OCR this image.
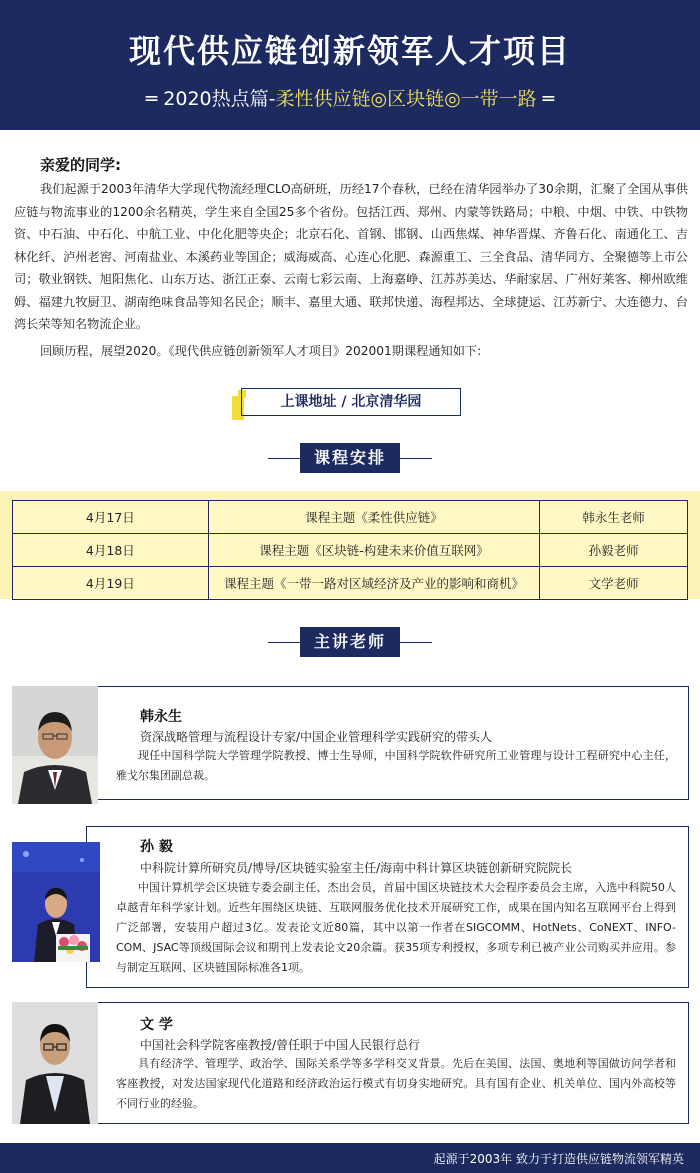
现代供应链创新领军人才项目
═ 2020热点篇-柔性供应链◎区块链◎一带一路 ═
亲爱的同学:
我们起源于2003年清华大学现代物流经理CLO高研班，历经17个春秋，已经在清华园举办了30余期，汇聚了全国从事供应链与物流事业的1200余名精英，学生来自全国25多个省份。包括江西、郑州、内蒙等铁路局；中粮、中烟、中铁、中铁物资、中石油、中石化、中航工业、中化化肥等央企；北京石化、首钢、邯钢、山西焦煤、神华晋煤、齐鲁石化、南通化工、吉林化纤、泸州老窖、河南盐业、本溪药业等国企；威海威高、心连心化肥、森源重工、三全食品、清华同方、全聚德等上市公司；敬业钢铁、旭阳焦化、山东万达、浙江正泰、云南七彩云南、上海嘉峥、江苏苏美达、华耐家居、广州好莱客、柳州欧维姆、福建九牧厨卫、湖南绝味食品等知名民企；顺丰、嘉里大通、联邦快递、海程邦达、全球捷运、江苏新宁、大连德力、台湾长荣等知名物流企业。
回顾历程，展望2020。《现代供应链创新领军人才项目》202001期课程通知如下:
上课地址 / 北京清华园
课程安排
4月17日	课程主题《柔性供应链》	韩永生老师
4月18日	课程主题《区块链-构建未来价值互联网》	孙毅老师
4月19日	课程主题《一带一路对区域经济及产业的影响和商机》	文学老师
主讲老师
韩永生
资深战略管理与流程设计专家/中国企业管理科学实践研究的带头人
现任中国科学院大学管理学院教授、博士生导师，中国科学院软件研究所工业管理与设计工程研究中心主任，雅戈尔集团副总裁。
孙 毅
中科院计算所研究员/博导/区块链实验室主任/海南中科计算区块链创新研究院院长
中国计算机学会区块链专委会副主任、杰出会员，首届中国区块链技术大会程序委员会主席，入选中科院50人卓越青年科学家计划。近些年围绕区块链、互联网服务优化技术开展研究工作，成果在国内知名互联网平台上得到广泛部署，安装用户超过3亿。发表论文近80篇，其中以第一作者在SIGCOMM、HotNets、CoNEXT、INFO-COM、JSAC等顶级国际会议和期刊上发表论文20余篇。获35项专利授权，多项专利已被产业公司购买并应用。参与制定互联网、区块链国际标准各1项。
文 学
中国社会科学院客座教授/曾任职于中国人民银行总行
具有经济学、管理学、政治学、国际关系学等多学科交叉背景。先后在美国、法国、奥地利等国做访问学者和客座教授，对发达国家现代化道路和经济政治运行模式有切身实地研究。具有国有企业、机关单位、国内外高校等不同行业的经验。
起源于2003年 致力于打造供应链物流领军精英
